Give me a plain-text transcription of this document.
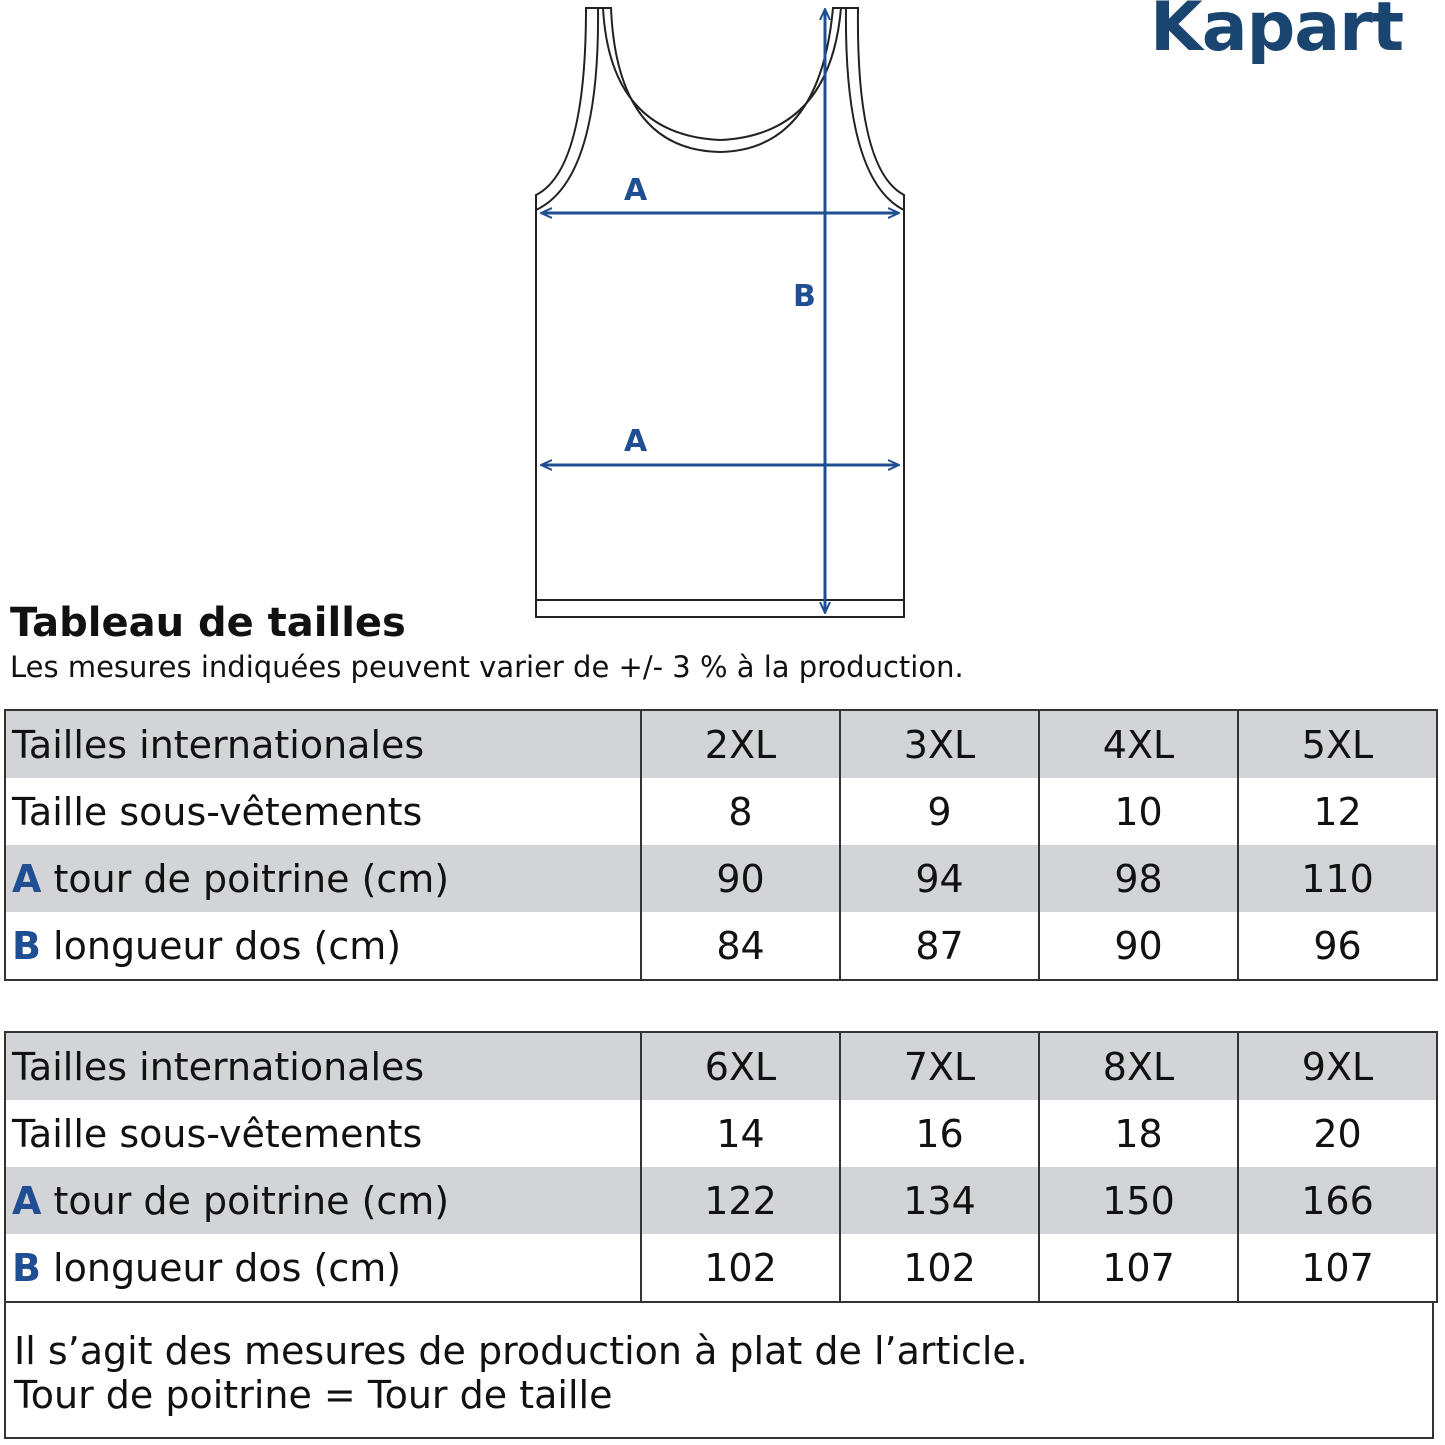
A
B
A
Kapart
Tableau de tailles
Les mesures indiquées peuvent varier de +/- 3 % à la production.
Tailles internationales	2XL	3XL	4XL	5XL
Taille sous-vêtements	8	9	10	12
A tour de poitrine (cm)	90	94	98	110
B longueur dos (cm)	84	87	90	96
Tailles internationales	6XL	7XL	8XL	9XL
Taille sous-vêtements	14	16	18	20
A tour de poitrine (cm)	122	134	150	166
B longueur dos (cm)	102	102	107	107
Il s’agit des mesures de production à plat de l’article.
Tour de poitrine = Tour de taille
